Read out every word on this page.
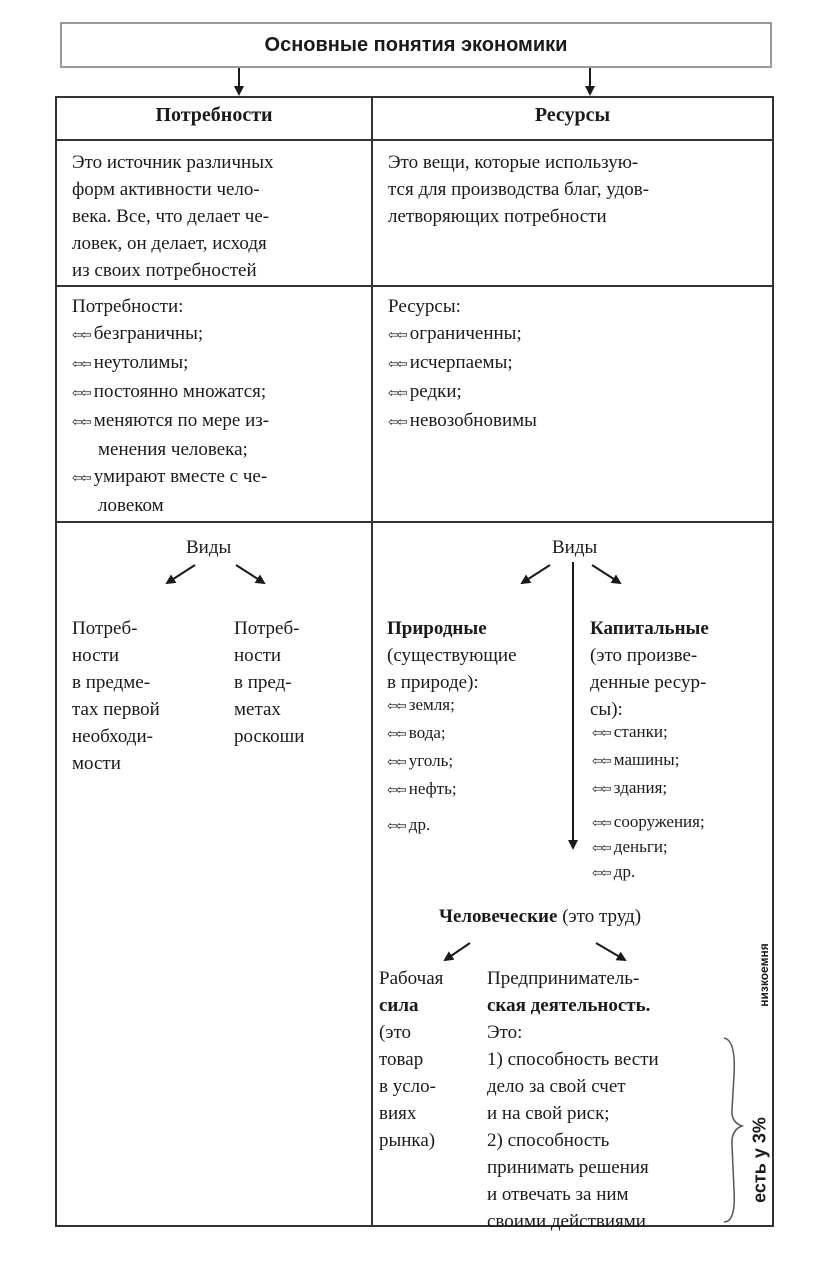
Основные понятия экономики
Потребности	Ресурсы
Это источник различных
форм активности чело-
века. Все, что делает че-
ловек, он делает, исходя
из своих потребностей
Это вещи, которые использую-
тся для производства благ, удов-
летворяющих потребности
Потребности:
⇦⇦ безграничны;
⇦⇦ неутолимы;
⇦⇦ постоянно множатся;
⇦⇦ меняются по мере из-
менения человека;
⇦⇦ умирают вместе с че-
ловеком
Ресурсы:
⇦⇦ ограниченны;
⇦⇦ исчерпаемы;
⇦⇦ редки;
⇦⇦ невозобновимы
Виды	Виды
Потреб-
ности
в предме-
тах первой
необходи-
мости
Потреб-
ности
в пред-
метах
роскоши
Природные
(существующие
в природе):
⇦⇦ земля;
⇦⇦ вода;
⇦⇦ уголь;
⇦⇦ нефть;
⇦⇦ др.
Капитальные
(это произве-
денные ресур-
сы):
⇦⇦ станки;
⇦⇦ машины;
⇦⇦ здания;
⇦⇦ сооружения;
⇦⇦ деньги;
⇦⇦ др.
Человеческие (это труд)
Рабочая
сила
(это
товар
в усло-
виях
рынка)
Предприниматель-
ская деятельность.
Это:
1) способность вести
дело за свой счет
и на свой риск;
2) способность
принимать решения
и отвечать за ним
своими действиями
низкоемня
есть у 3%
